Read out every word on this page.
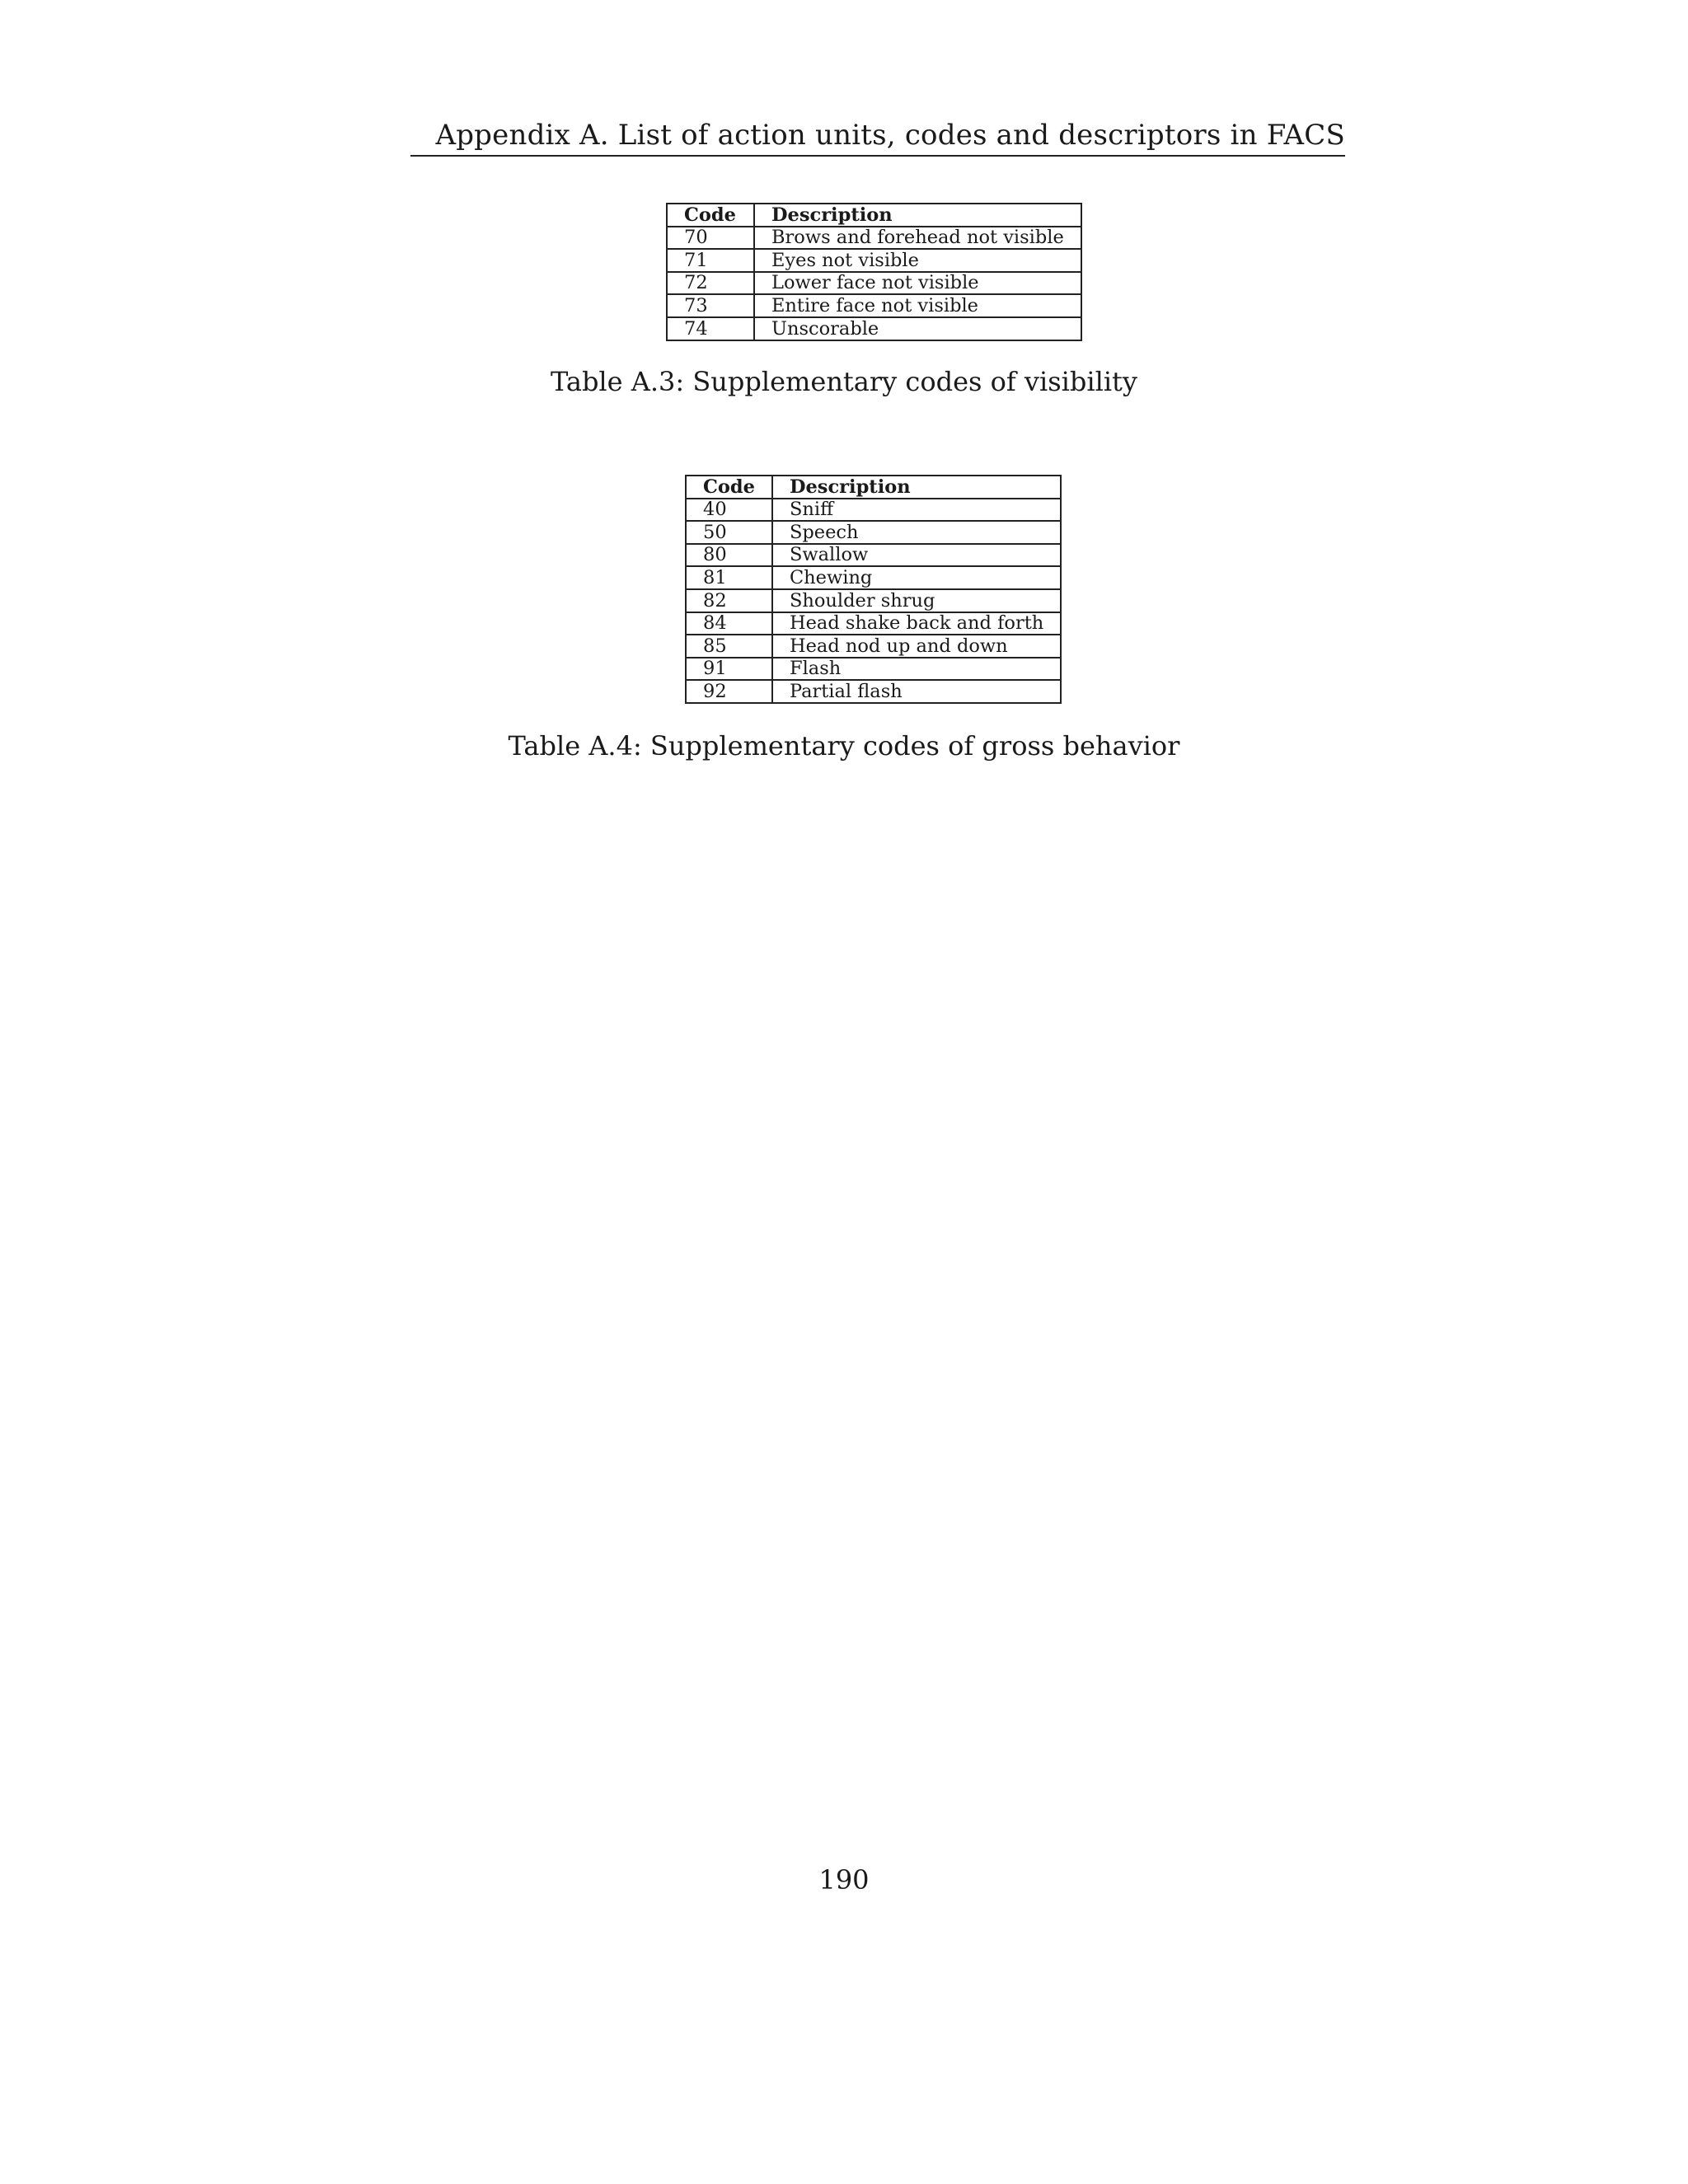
Appendix A. List of action units, codes and descriptors in FACS
Code	Description
70	Brows and forehead not visible
71	Eyes not visible
72	Lower face not visible
73	Entire face not visible
74	Unscorable
Table A.3: Supplementary codes of visibility
Code	Description
40	Sniff
50	Speech
80	Swallow
81	Chewing
82	Shoulder shrug
84	Head shake back and forth
85	Head nod up and down
91	Flash
92	Partial flash
Table A.4: Supplementary codes of gross behavior
190
